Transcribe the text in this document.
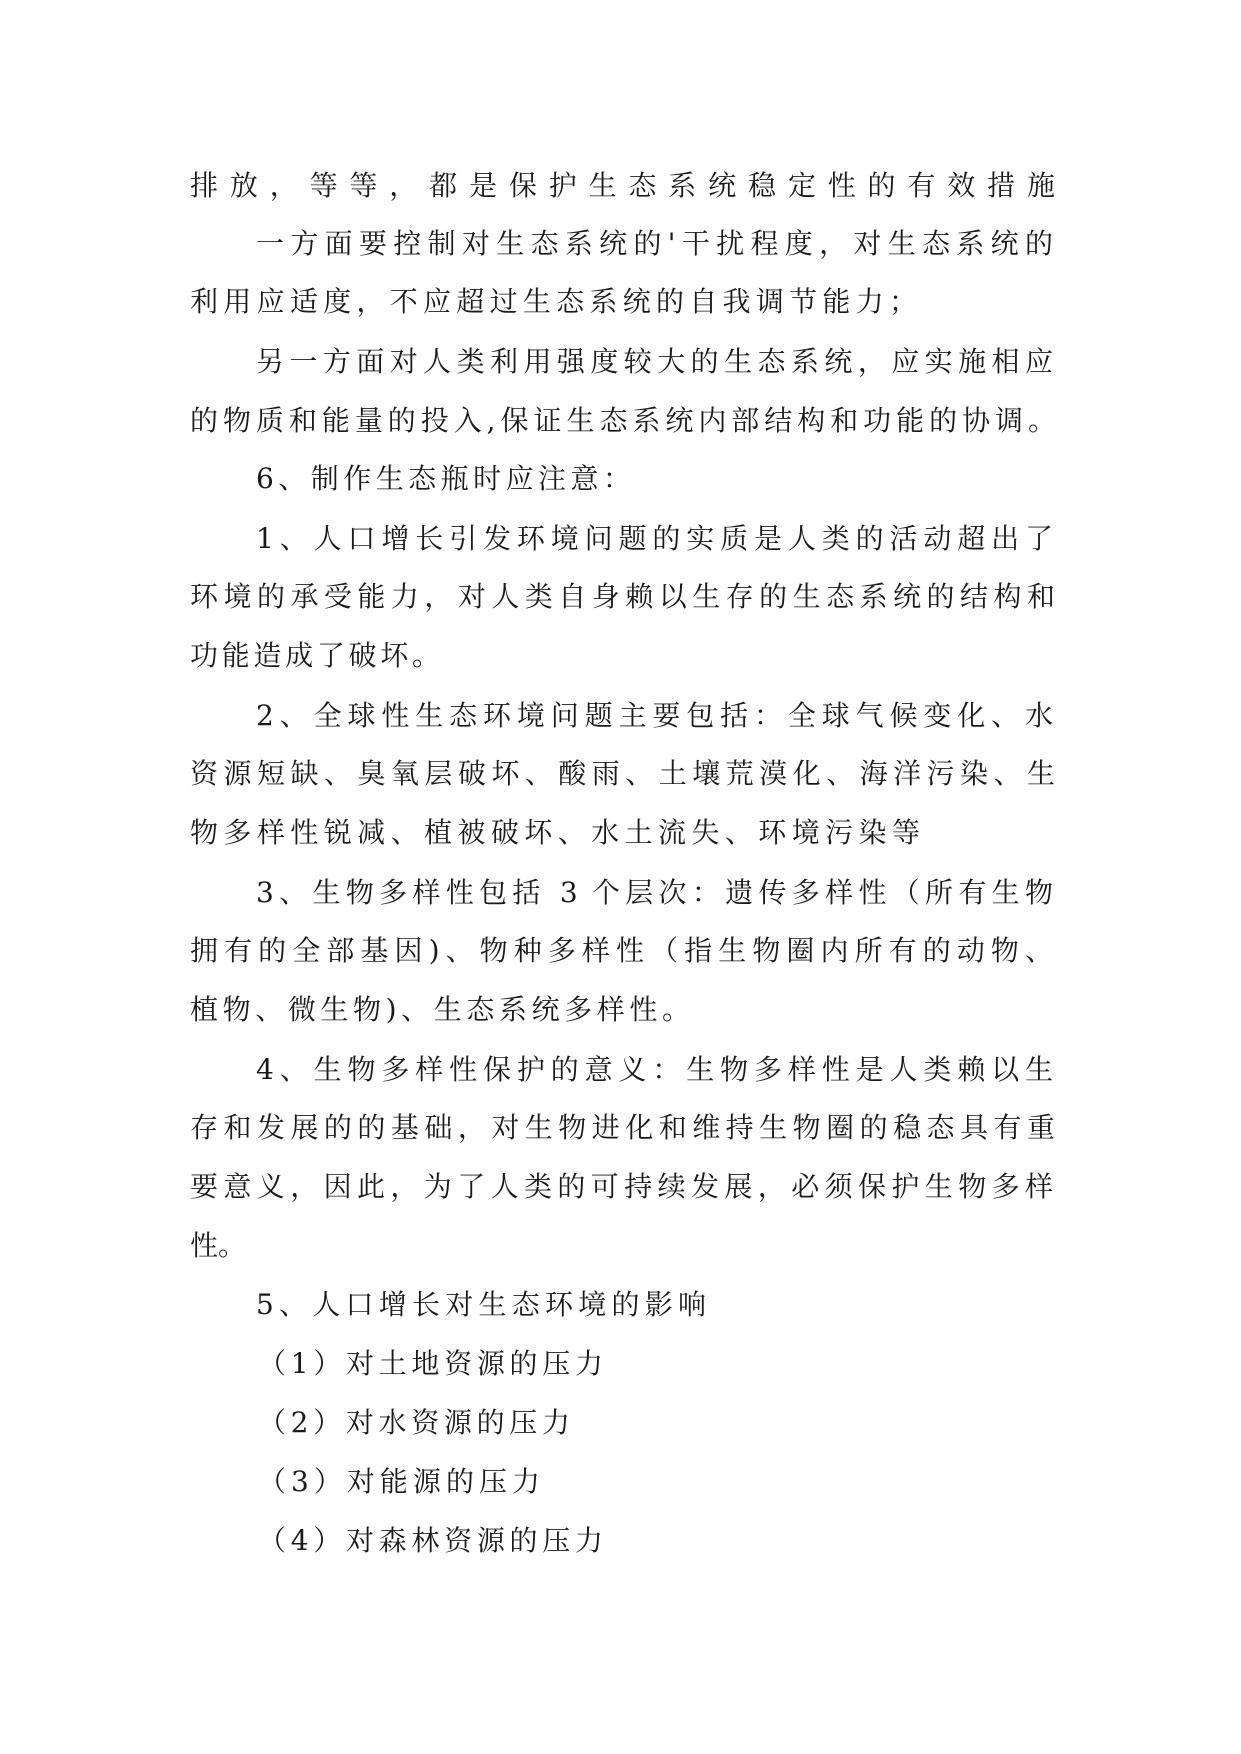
排放，等等，都是保护生态系统稳定性的有效措施
一方面要控制对生态系统的'干扰程度，对生态系统的
利用应适度，不应超过生态系统的自我调节能力；
另一方面对人类利用强度较大的生态系统，应实施相应
的物质和能量的投入,保证生态系统内部结构和功能的协调。
6、制作生态瓶时应注意：
1、人口增长引发环境问题的实质是人类的活动超出了
环境的承受能力，对人类自身赖以生存的生态系统的结构和
功能造成了破坏。
2、全球性生态环境问题主要包括：全球气候变化、水
资源短缺、臭氧层破坏、酸雨、土壤荒漠化、海洋污染、生
物多样性锐减、植被破坏、水土流失、环境污染等
3、生物多样性包括 3 个层次：遗传多样性（所有生物
拥有的全部基因)、物种多样性（指生物圈内所有的动物、
植物、微生物)、生态系统多样性。
4、生物多样性保护的意义：生物多样性是人类赖以生
存和发展的的基础，对生物进化和维持生物圈的稳态具有重
要意义，因此，为了人类的可持续发展，必须保护生物多样
性。
5、人口增长对生态环境的影响
（1）对土地资源的压力
（2）对水资源的压力
（3）对能源的压力
（4）对森林资源的压力
